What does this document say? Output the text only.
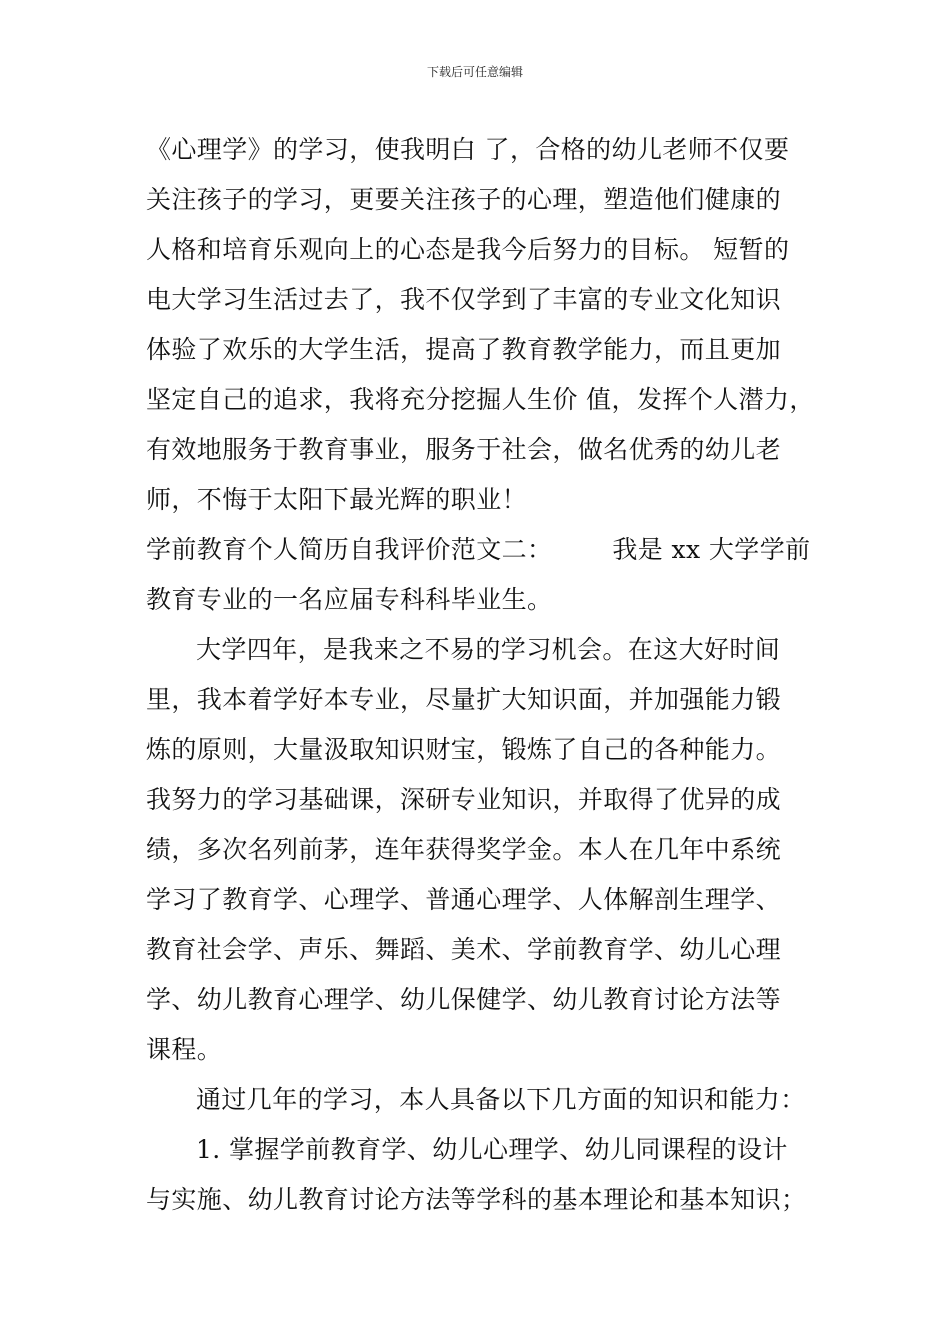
下载后可任意编辑
《心理学》的学习，使我明白 了，合格的幼儿老师不仅要
关注孩子的学习，更要关注孩子的心理，塑造他们健康的
人格和培育乐观向上的心态是我今后努力的目标。 短暂的
电大学习生活过去了，我不仅学到了丰富的专业文化知识
体验了欢乐的大学生活，提高了教育教学能力，而且更加
坚定自己的追求，我将充分挖掘人生价 值，发挥个人潜力，
有效地服务于教育事业，服务于社会，做名优秀的幼儿老
师，不悔于太阳下最光辉的职业！
学前教育个人简历自我评价范文二： 我是 xx 大学学前
教育专业的一名应届专科科毕业生。
大学四年，是我来之不易的学习机会。在这大好时间
里，我本着学好本专业，尽量扩大知识面，并加强能力锻
炼的原则，大量汲取知识财宝，锻炼了自己的各种能力。
我努力的学习基础课，深研专业知识，并取得了优异的成
绩，多次名列前茅，连年获得奖学金。本人在几年中系统
学习了教育学、心理学、普通心理学、人体解剖生理学、
教育社会学、声乐、舞蹈、美术、学前教育学、幼儿心理
学、幼儿教育心理学、幼儿保健学、幼儿教育讨论方法等
课程。
通过几年的学习，本人具备以下几方面的知识和能力：
1. 掌握学前教育学、幼儿心理学、幼儿同课程的设计
与实施、幼儿教育讨论方法等学科的基本理论和基本知识；
